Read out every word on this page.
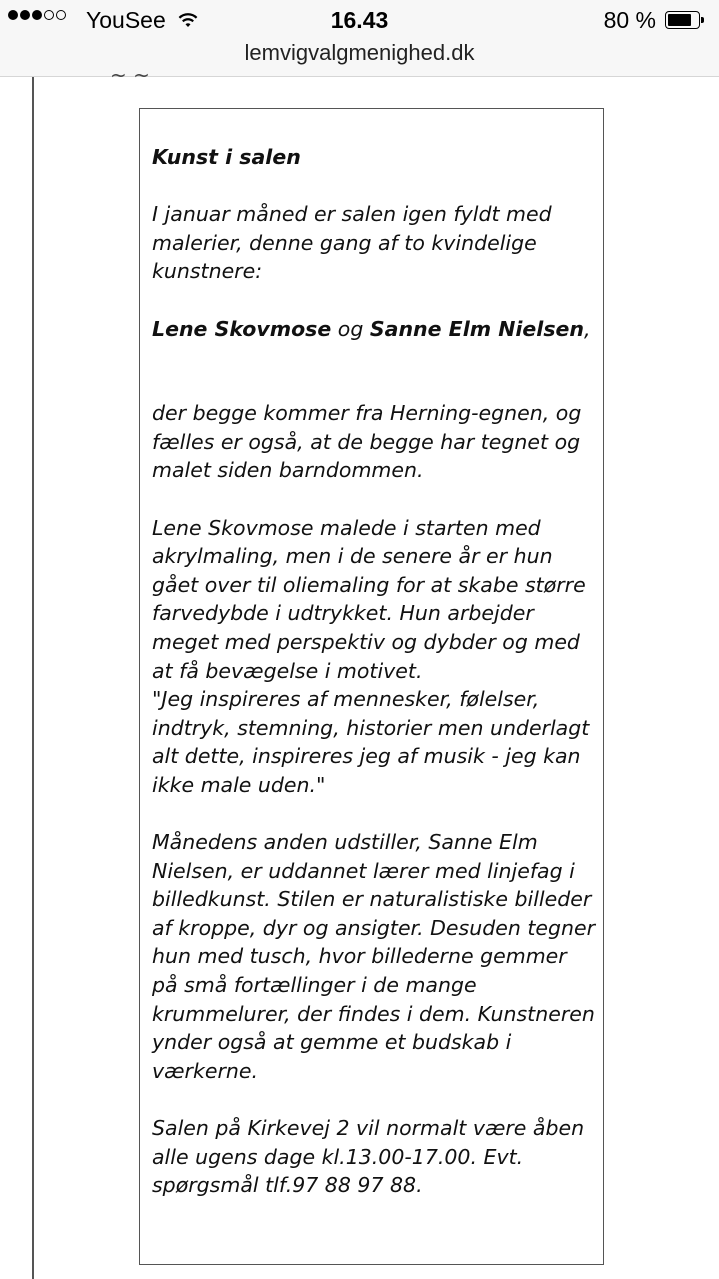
YouSee	16.43	80 %
lemvigvalgmenighed.dk
~ ~

Kunst i salen

I januar måned er salen igen fyldt med malerier, denne gang af to kvindelige kunstnere:

Lene Skovmose og Sanne Elm Nielsen,

der begge kommer fra Herning-egnen, og fælles er også, at de begge har tegnet og malet siden barndommen.

Lene Skovmose malede i starten med akrylmaling, men i de senere år er hun gået over til oliemaling for at skabe større farvedybde i udtrykket. Hun arbejder meget med perspektiv og dybder og med at få bevægelse i motivet.

"Jeg inspireres af mennesker, følelser, indtryk, stemning, historier men underlagt alt dette, inspireres jeg af musik - jeg kan ikke male uden."

Månedens anden udstiller, Sanne Elm Nielsen, er uddannet lærer med linjefag i billedkunst. Stilen er naturalistiske billeder af kroppe, dyr og ansigter. Desuden tegner hun med tusch, hvor billederne gemmer på små fortællinger i de mange krummelurer, der findes i dem. Kunstneren ynder også at gemme et budskab i værkerne.

Salen på Kirkevej 2 vil normalt være åben alle ugens dage kl.13.00-17.00. Evt. spørgsmål tlf.97 88 97 88.
